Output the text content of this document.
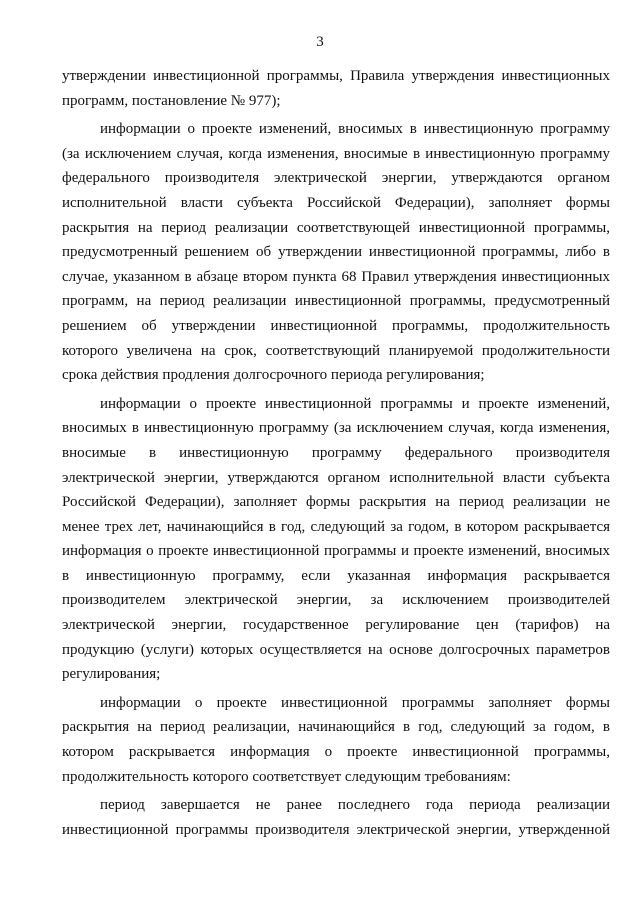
3
утверждении инвестиционной программы, Правила утверждения инвестиционных
программ, постановление № 977);
информации о проекте изменений, вносимых в инвестиционную программу
(за исключением случая, когда изменения, вносимые в инвестиционную программу
федерального производителя электрической энергии, утверждаются органом
исполнительной власти субъекта Российской Федерации), заполняет формы
раскрытия на период реализации соответствующей инвестиционной программы,
предусмотренный решением об утверждении инвестиционной программы, либо в
случае, указанном в абзаце втором пункта 68 Правил утверждения инвестиционных
программ, на период реализации инвестиционной программы, предусмотренный
решением об утверждении инвестиционной программы, продолжительность
которого увеличена на срок, соответствующий планируемой продолжительности
срока действия продления долгосрочного периода регулирования;
информации о проекте инвестиционной программы и проекте изменений,
вносимых в инвестиционную программу (за исключением случая, когда изменения,
вносимые в инвестиционную программу федерального производителя
электрической энергии, утверждаются органом исполнительной власти субъекта
Российской Федерации), заполняет формы раскрытия на период реализации не
менее трех лет, начинающийся в год, следующий за годом, в котором раскрывается
информация о проекте инвестиционной программы и проекте изменений, вносимых
в инвестиционную программу, если указанная информация раскрывается
производителем электрической энергии, за исключением производителей
электрической энергии, государственное регулирование цен (тарифов) на
продукцию (услуги) которых осуществляется на основе долгосрочных параметров
регулирования;
информации о проекте инвестиционной программы заполняет формы
раскрытия на период реализации, начинающийся в год, следующий за годом, в
котором раскрывается информация о проекте инвестиционной программы,
продолжительность которого соответствует следующим требованиям:
период завершается не ранее последнего года периода реализации
инвестиционной программы производителя электрической энергии, утвержденной
